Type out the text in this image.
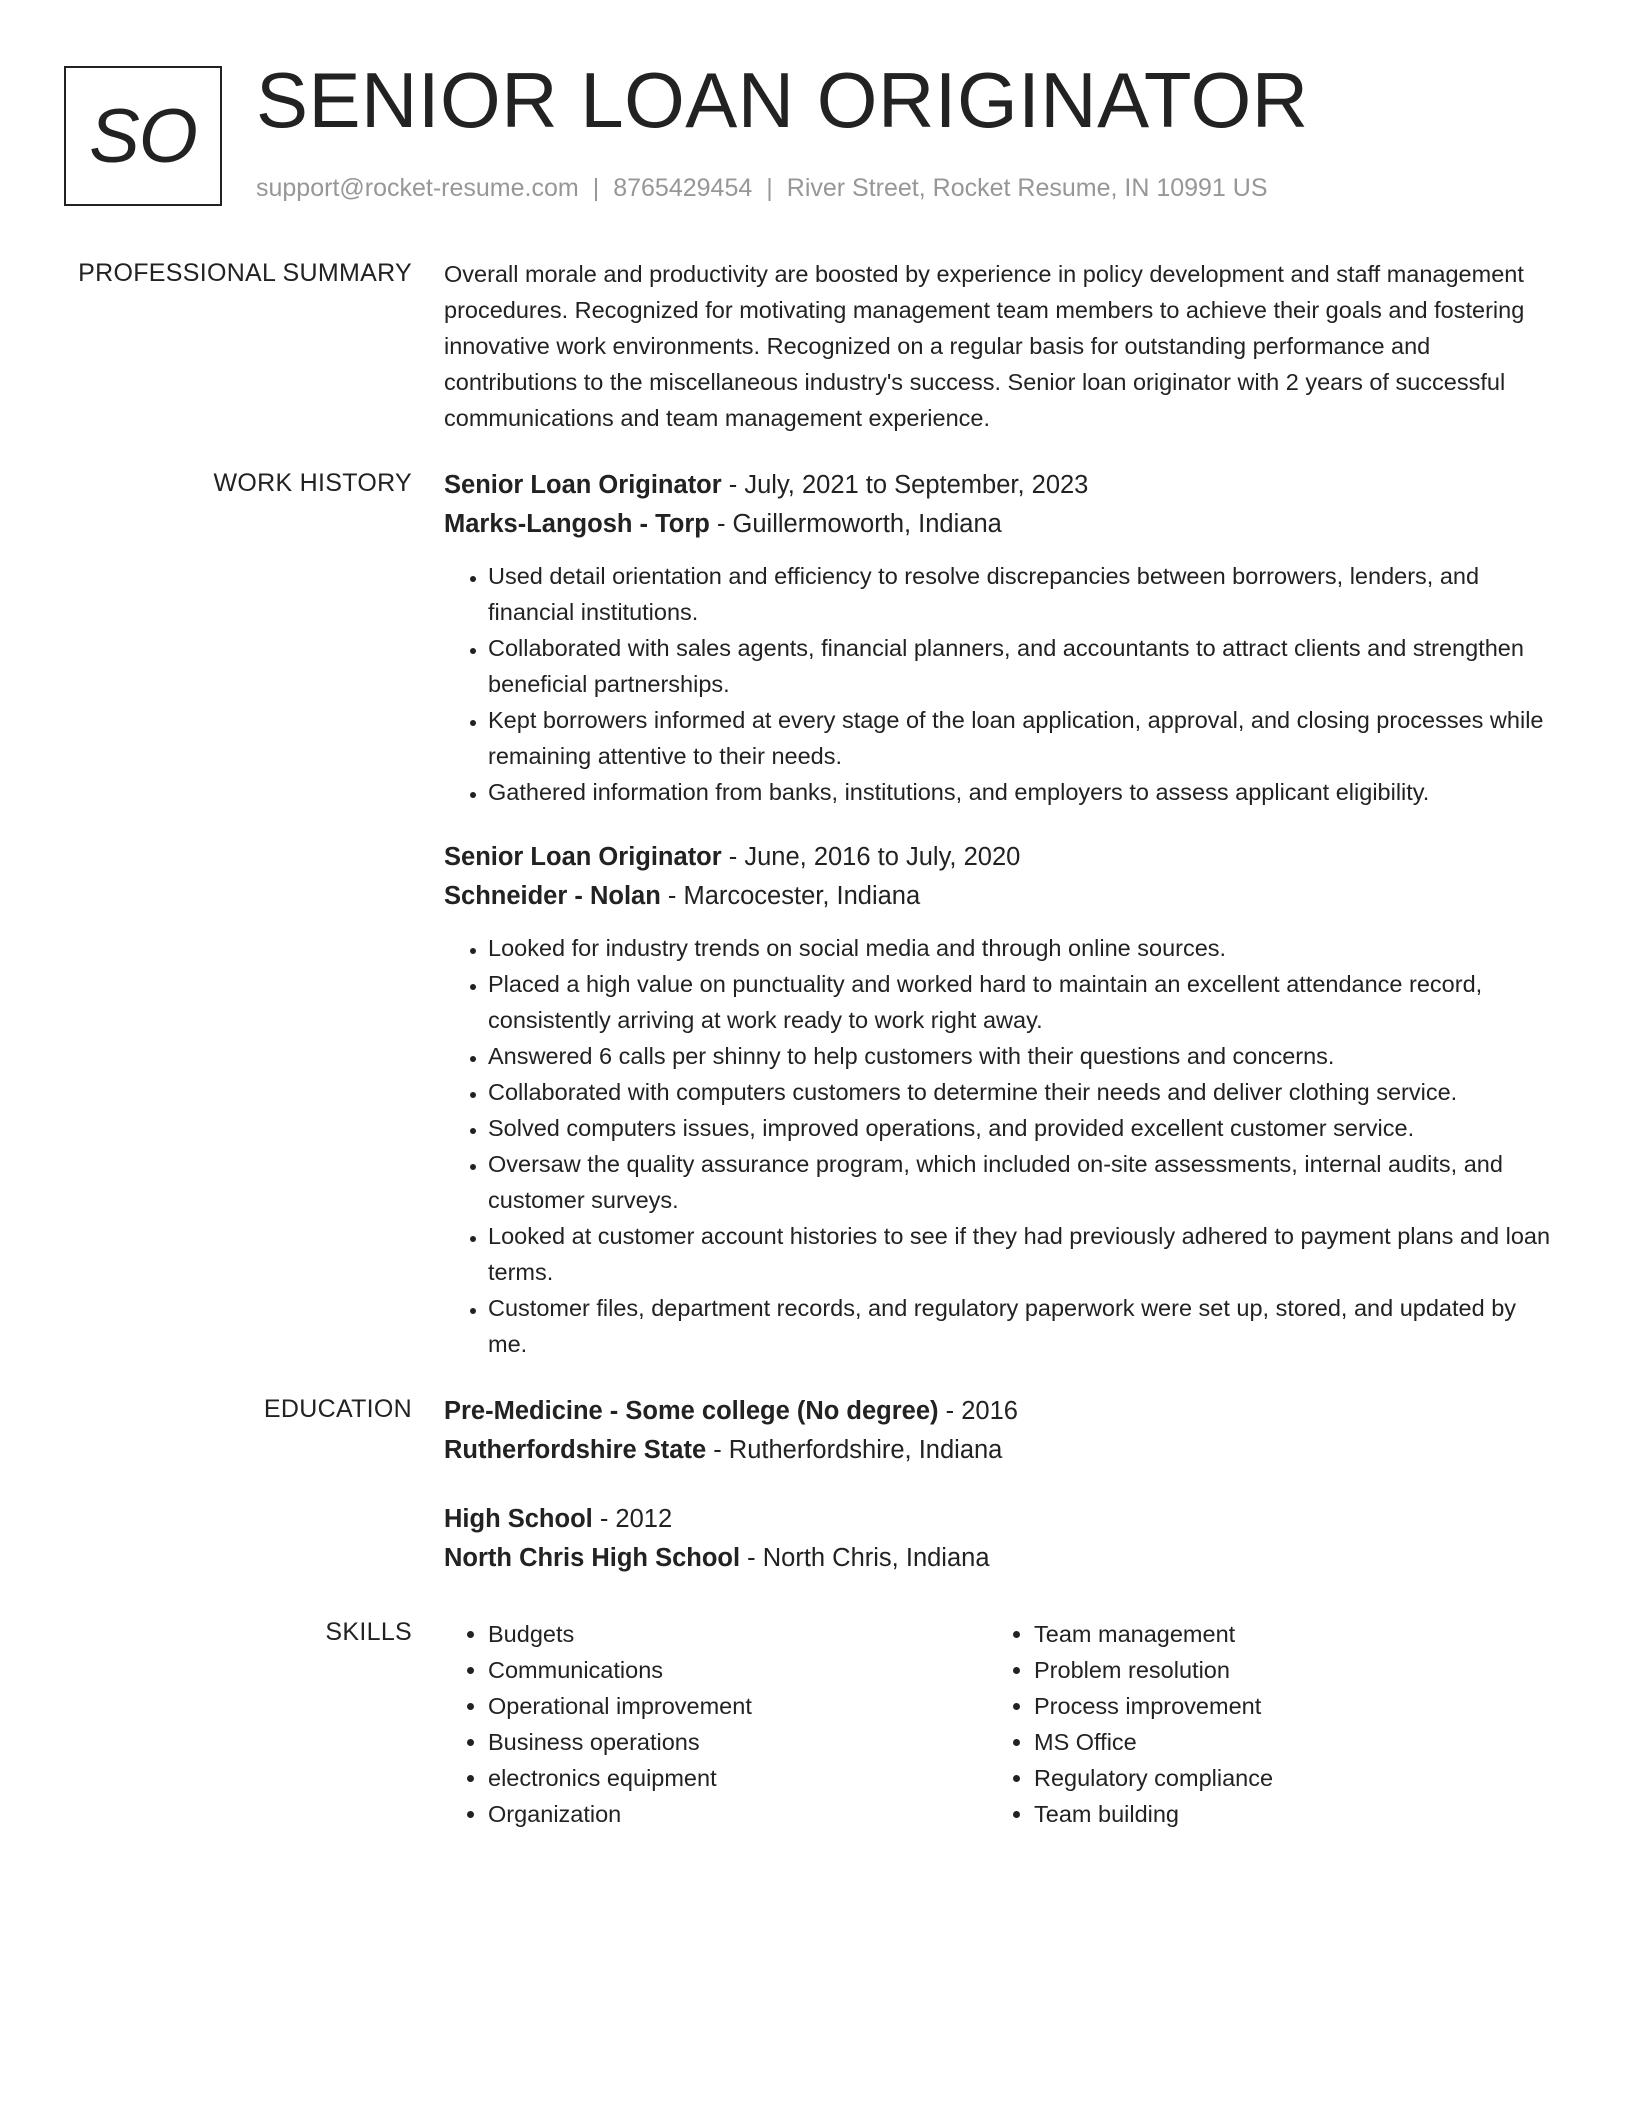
SO SENIOR LOAN ORIGINATOR
support@rocket-resume.com | 8765429454 | River Street, Rocket Resume, IN 10991 US
PROFESSIONAL SUMMARY Overall morale and productivity are boosted by experience in policy development and staff management procedures. Recognized for motivating management team members to achieve their goals and fostering innovative work environments. Recognized on a regular basis for outstanding performance and contributions to the miscellaneous industry's success. Senior loan originator with 2 years of successful communications and team management experience.

WORK HISTORY Senior Loan Originator - July, 2021 to September, 2023
Marks-Langosh - Torp - Guillermoworth, Indiana
• Used detail orientation and efficiency to resolve discrepancies between borrowers, lenders, and financial institutions.
• Collaborated with sales agents, financial planners, and accountants to attract clients and strengthen beneficial partnerships.
• Kept borrowers informed at every stage of the loan application, approval, and closing processes while remaining attentive to their needs.
• Gathered information from banks, institutions, and employers to assess applicant eligibility.
Senior Loan Originator - June, 2016 to July, 2020
Schneider - Nolan - Marcocester, Indiana
• Looked for industry trends on social media and through online sources.
• Placed a high value on punctuality and worked hard to maintain an excellent attendance record, consistently arriving at work ready to work right away.
• Answered 6 calls per shinny to help customers with their questions and concerns.
• Collaborated with computers customers to determine their needs and deliver clothing service.
• Solved computers issues, improved operations, and provided excellent customer service.
• Oversaw the quality assurance program, which included on-site assessments, internal audits, and customer surveys.
• Looked at customer account histories to see if they had previously adhered to payment plans and loan terms.
• Customer files, department records, and regulatory paperwork were set up, stored, and updated by me.
EDUCATION Pre-Medicine - Some college (No degree) - 2016
Rutherfordshire State - Rutherfordshire, Indiana
High School - 2012
North Chris High School - North Chris, Indiana
SKILLS
•	Budgets
• Communications
• Operational improvement
• Business operations
• electronics equipment
• Organization
• Team management
• Problem resolution
• Process improvement
• MS Office
• Regulatory compliance
• Team building
